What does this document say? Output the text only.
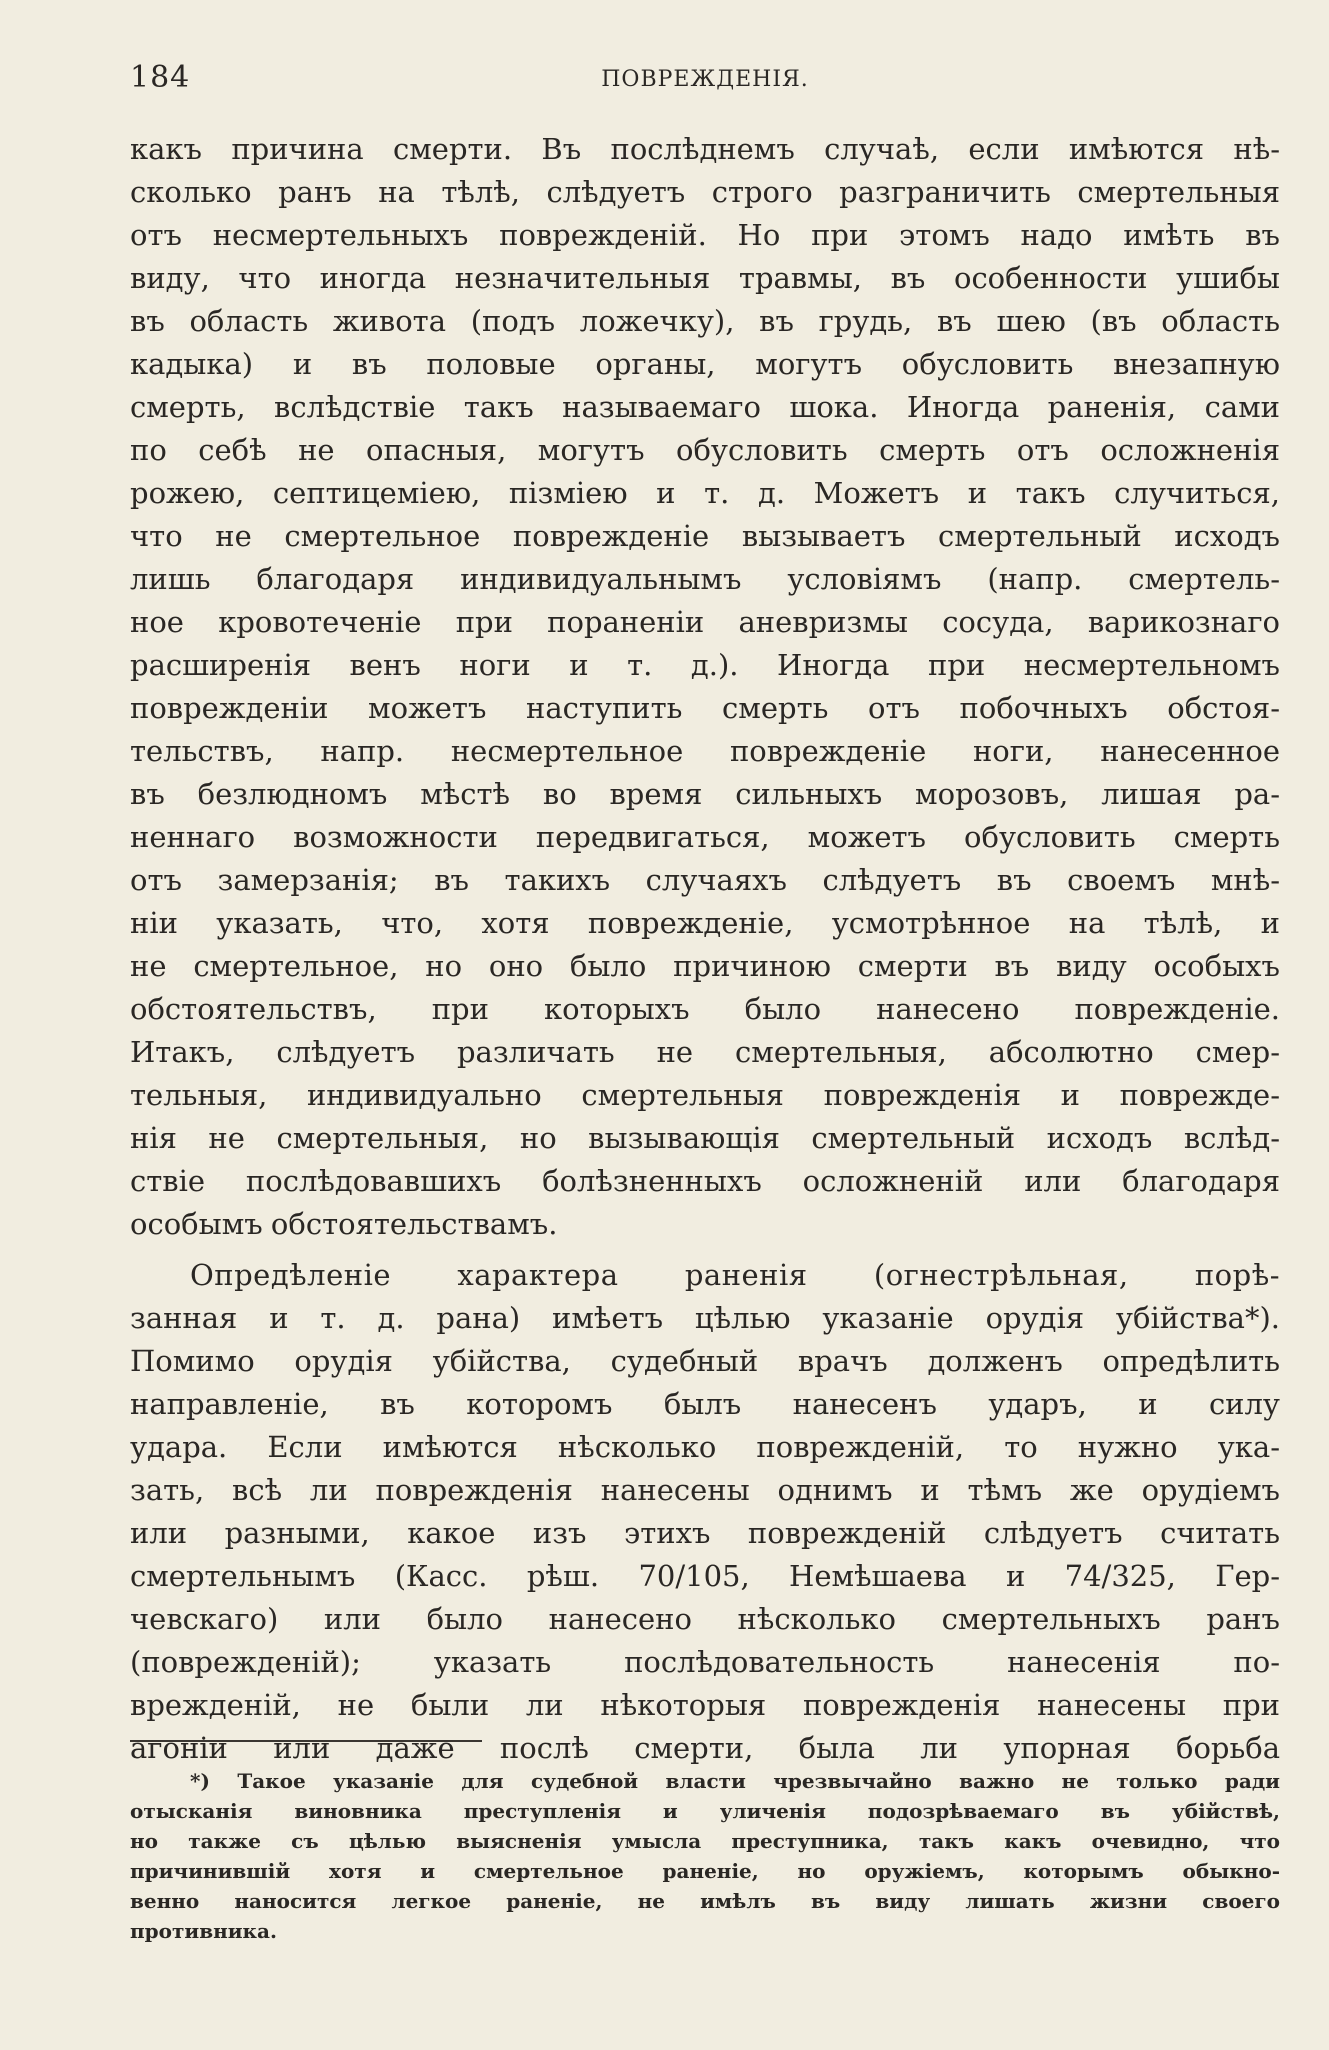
184	ПОВРЕЖДЕНІЯ.
какъ причина смерти. Въ послѣднемъ случаѣ, если имѣются нѣ-
сколько ранъ на тѣлѣ, слѣдуетъ строго разграничить смертельныя
отъ несмертельныхъ поврежденій. Но при этомъ надо имѣть въ
виду, что иногда незначительныя травмы, въ особенности ушибы
въ область живота (подъ ложечку), въ грудь, въ шею (въ область
кадыка) и въ половые органы, могутъ обусловить внезапную
смерть, вслѣдствіе такъ называемаго шока. Иногда раненія, сами
по себѣ не опасныя, могутъ обусловить смерть отъ осложненія
рожею, септицеміею, пізміею и т. д. Можетъ и такъ случиться,
что не смертельное поврежденіе вызываетъ смертельный исходъ
лишь благодаря индивидуальнымъ условіямъ (напр. смертель-
ное кровотеченіе при пораненіи аневризмы сосуда, варикознаго
расширенія венъ ноги и т. д.). Иногда при несмертельномъ
поврежденіи можетъ наступить смерть отъ побочныхъ обстоя-
тельствъ, напр. несмертельное поврежденіе ноги, нанесенное
въ безлюдномъ мѣстѣ во время сильныхъ морозовъ, лишая ра-
неннаго возможности передвигаться, можетъ обусловить смерть
отъ замерзанія; въ такихъ случаяхъ слѣдуетъ въ своемъ мнѣ-
ніи указать, что, хотя поврежденіе, усмотрѣнное на тѣлѣ, и
не смертельное, но оно было причиною смерти въ виду особыхъ
обстоятельствъ, при которыхъ было нанесено поврежденіе.
Итакъ, слѣдуетъ различать не смертельныя, абсолютно смер-
тельныя, индивидуально смертельныя поврежденія и поврежде-
нія не смертельныя, но вызывающія смертельный исходъ вслѣд-
ствіе послѣдовавшихъ болѣзненныхъ осложненій или благодаря
особымъ обстоятельствамъ.
Опредѣленіе характера раненія (огнестрѣльная, порѣ-
занная и т. д. рана) имѣетъ цѣлью указаніе орудія убійства*).
Помимо орудія убійства, судебный врачъ долженъ опредѣлить
направленіе, въ которомъ былъ нанесенъ ударъ, и силу
удара. Если имѣются нѣсколько поврежденій, то нужно ука-
зать, всѣ ли поврежденія нанесены однимъ и тѣмъ же орудіемъ
или разными, какое изъ этихъ поврежденій слѣдуетъ считать
смертельнымъ (Касс. рѣш. 70/105, Немѣшаева и 74/325, Гер-
чевскаго) или было нанесено нѣсколько смертельныхъ ранъ
(поврежденій); указать послѣдовательность нанесенія по-
врежденій, не были ли нѣкоторыя поврежденія нанесены при
агоніи или даже послѣ смерти, была ли упорная борьба
*) Такое указаніе для судебной власти чрезвычайно важно не только ради
отысканія виновника преступленія и уличенія подозрѣваемаго въ убійствѣ,
но также съ цѣлью выясненія умысла преступника, такъ какъ очевидно, что
причинившій хотя и смертельное раненіе, но оружіемъ, которымъ обыкно-
венно наносится легкое раненіе, не имѣлъ въ виду лишать жизни своего
противника.
